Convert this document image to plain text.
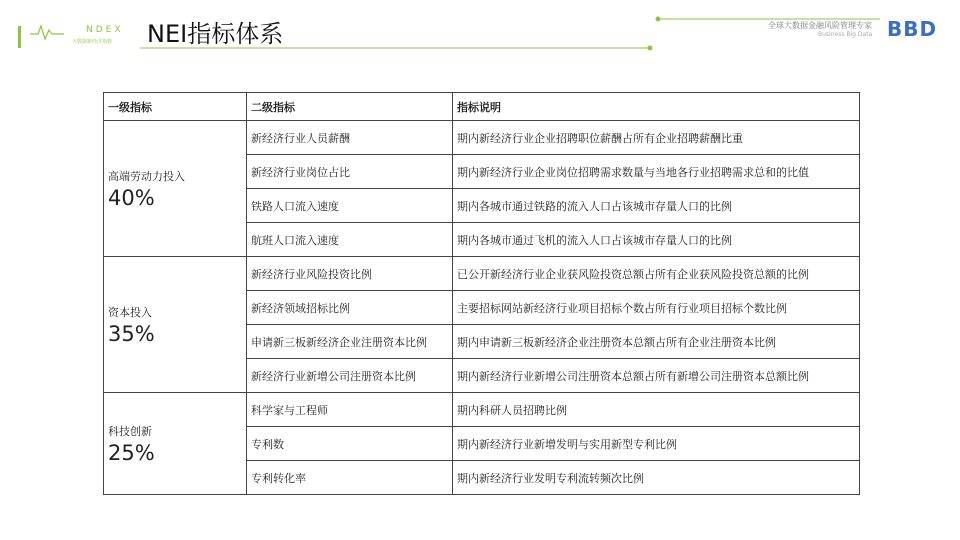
NDEX
大数据新经济指数 NEI指标体系	全球大数据金融风险管理专家
Business Big Data BBD
一级指标	二级指标	指标说明

高端劳动力投入
40%	新经济行业人员薪酬	期内新经济行业企业招聘职位薪酬占所有企业招聘薪酬比重
	新经济行业岗位占比	期内新经济行业企业岗位招聘需求数量与当地各行业招聘需求总和的比值
	铁路人口流入速度	期内各城市通过铁路的流入人口占该城市存量人口的比例
	航班人口流入速度	期内各城市通过飞机的流入人口占该城市存量人口的比例

资本投入
35%	新经济行业风险投资比例	已公开新经济行业企业获风险投资总额占所有企业获风险投资总额的比例
	新经济领域招标比例	主要招标网站新经济行业项目招标个数占所有行业项目招标个数比例
	申请新三板新经济企业注册资本比例	期内申请新三板新经济企业注册资本总额占所有企业注册资本比例
	新经济行业新增公司注册资本比例	期内新经济行业新增公司注册资本总额占所有新增公司注册资本总额比例

科技创新
25%	科学家与工程师	期内科研人员招聘比例
	专利数	期内新经济行业新增发明与实用新型专利比例
	专利转化率	期内新经济行业发明专利流转频次比例
